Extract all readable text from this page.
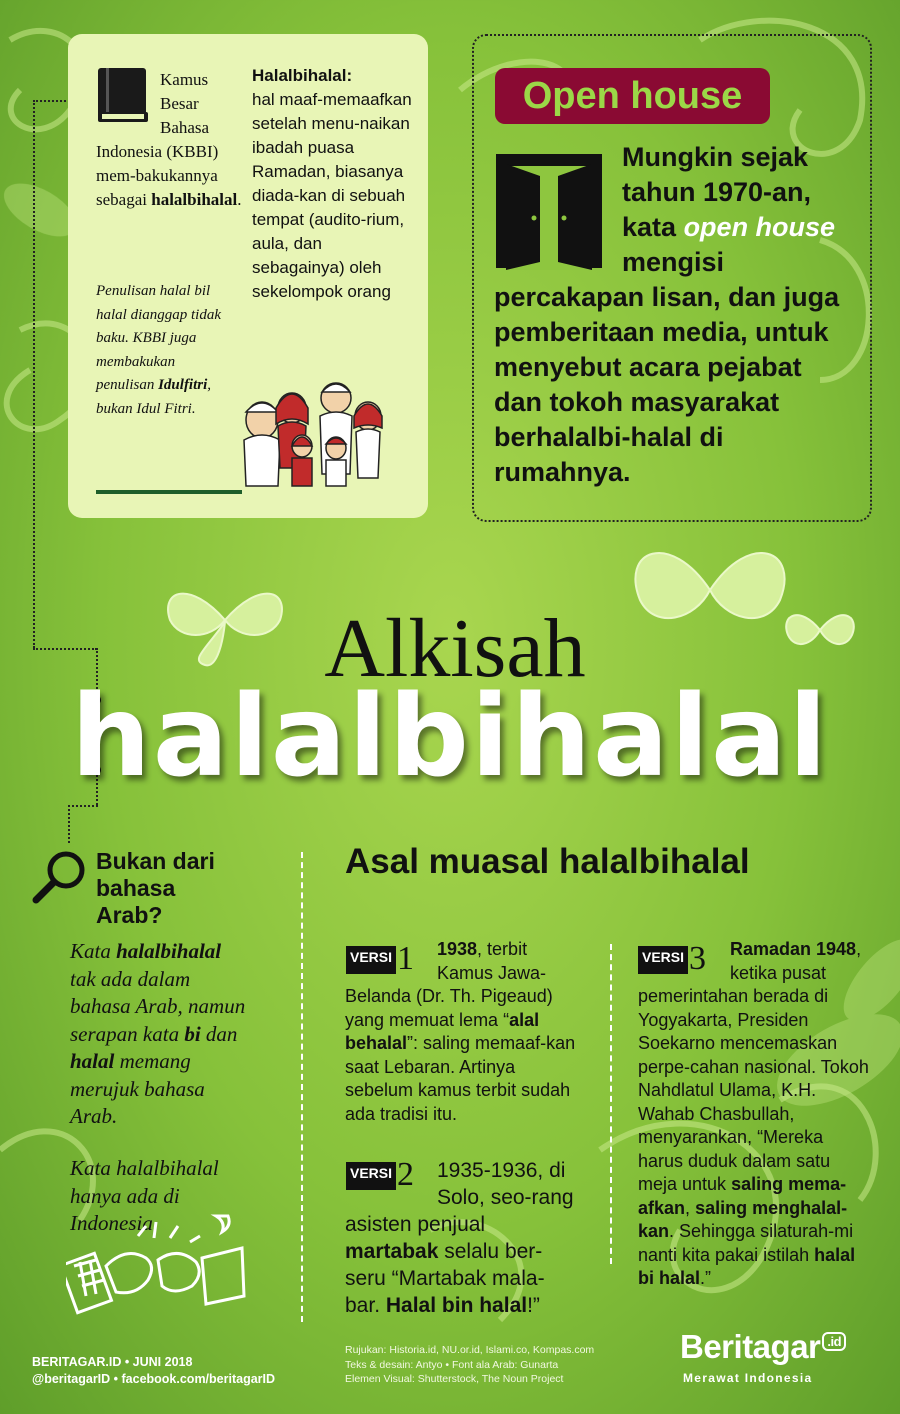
Kamus Besar Bahasa
Indonesia (KBBI) mem-bakukannya sebagai halalbihalal.
Penulisan halal bil halal dianggap tidak baku. KBBI juga membakukan penulisan Idulfitri, bukan Idul Fitri.
Halalbihalal:
hal maaf-memaafkan setelah menu-naikan ibadah puasa Ramadan, biasanya diada-kan di sebuah tempat (audito-rium, aula, dan sebagainya) oleh sekelompok orang
Open house
Mungkin sejak tahun 1970-an, kata open house mengisi percakapan lisan, dan juga pemberitaan media, untuk menyebut acara pejabat dan tokoh masyarakat berhalalbi-halal di rumahnya.
Alkisah
halalbihalal
Bukan dari bahasa Arab?
Kata halalbihalal tak ada dalam bahasa Arab, namun serapan kata bi dan halal memang merujuk bahasa Arab.
Kata halalbihalal hanya ada di Indonesia.
Asal muasal halalbihalal
VERSI 1	1938, terbit Kamus Jawa-Belanda (Dr. Th. Pigeaud) yang memuat lema “alal behalal”: saling memaaf-kan saat Lebaran. Artinya sebelum kamus terbit sudah ada tradisi itu.
VERSI 2	1935-1936, di Solo, seo-rang asisten penjual martabak selalu ber-seru “Martabak mala-bar. Halal bin halal!”
VERSI 3	Ramadan 1948, ketika pusat pemerintahan berada di Yogyakarta, Presiden Soekarno mencemaskan perpe-cahan nasional. Tokoh Nahdlatul Ulama, K.H. Wahab Chasbullah, menyarankan, “Mereka harus duduk dalam satu meja untuk saling mema-afkan, saling menghalal-kan. Sehingga silaturah-mi nanti kita pakai istilah halal bi halal.”
BERITAGAR.ID • JUNI 2018
@beritagarID • facebook.com/beritagarID
Rujukan: Historia.id, NU.or.id, Islami.co, Kompas.com
Teks & desain: Antyo • Font ala Arab: Gunarta
Elemen Visual: Shutterstock, The Noun Project
Beritagar .id
Merawat Indonesia
